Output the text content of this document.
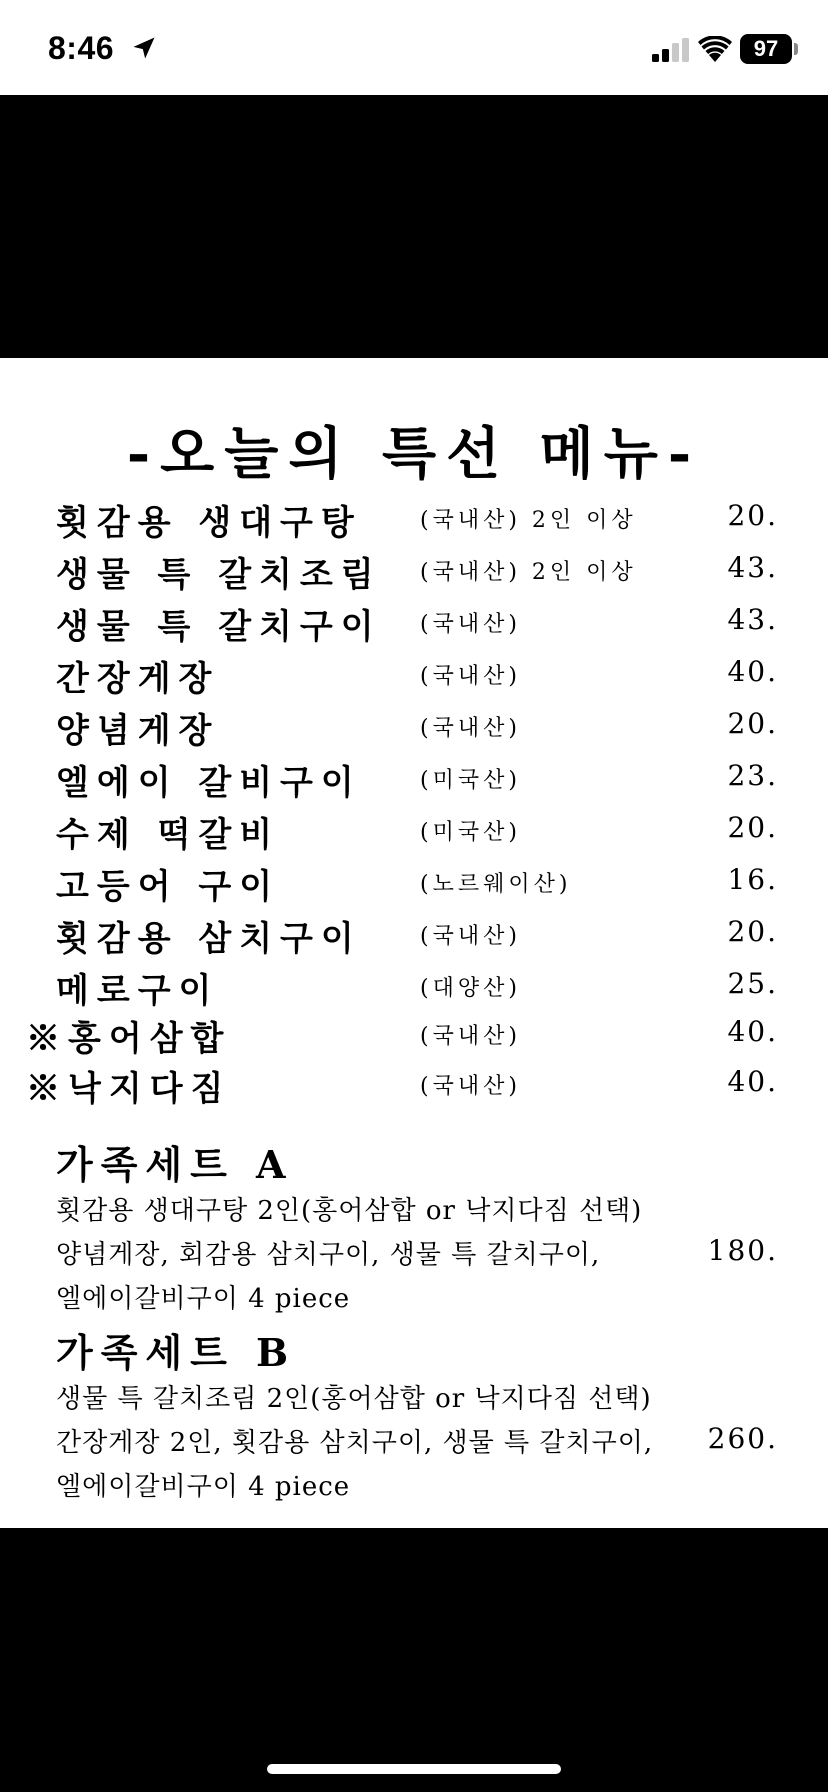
8:46	97
-오늘의 특선 메뉴-
횟감용 생대구탕	(국내산) 2인 이상	20.
생물 특 갈치조림 (국내산) 2인 이상	43.
생물 특 갈치구이 (국내산)	43.
간장게장	(국내산)	40.
양념게장	(국내산)	20.
엘에이 갈비구이	(미국산)	23.
수제 떡갈비	(미국산)	20.
고등어 구이	(노르웨이산)	16.
횟감용 삼치구이	(국내산)	20.
메로구이	(대양산)	25.
※홍어삼합	(국내산)	40.
※낙지다짐	(국내산)	40.
가족세트 A
횟감용 생대구탕 2인(홍어삼합 or 낙지다짐 선택)
양념게장, 회감용 삼치구이, 생물 특 갈치구이,	180.
엘에이갈비구이 4 piece
가족세트 B
생물 특 갈치조림 2인(홍어삼합 or 낙지다짐 선택)
간장게장 2인, 횟감용 삼치구이, 생물 특 갈치구이, 260.
엘에이갈비구이 4 piece
